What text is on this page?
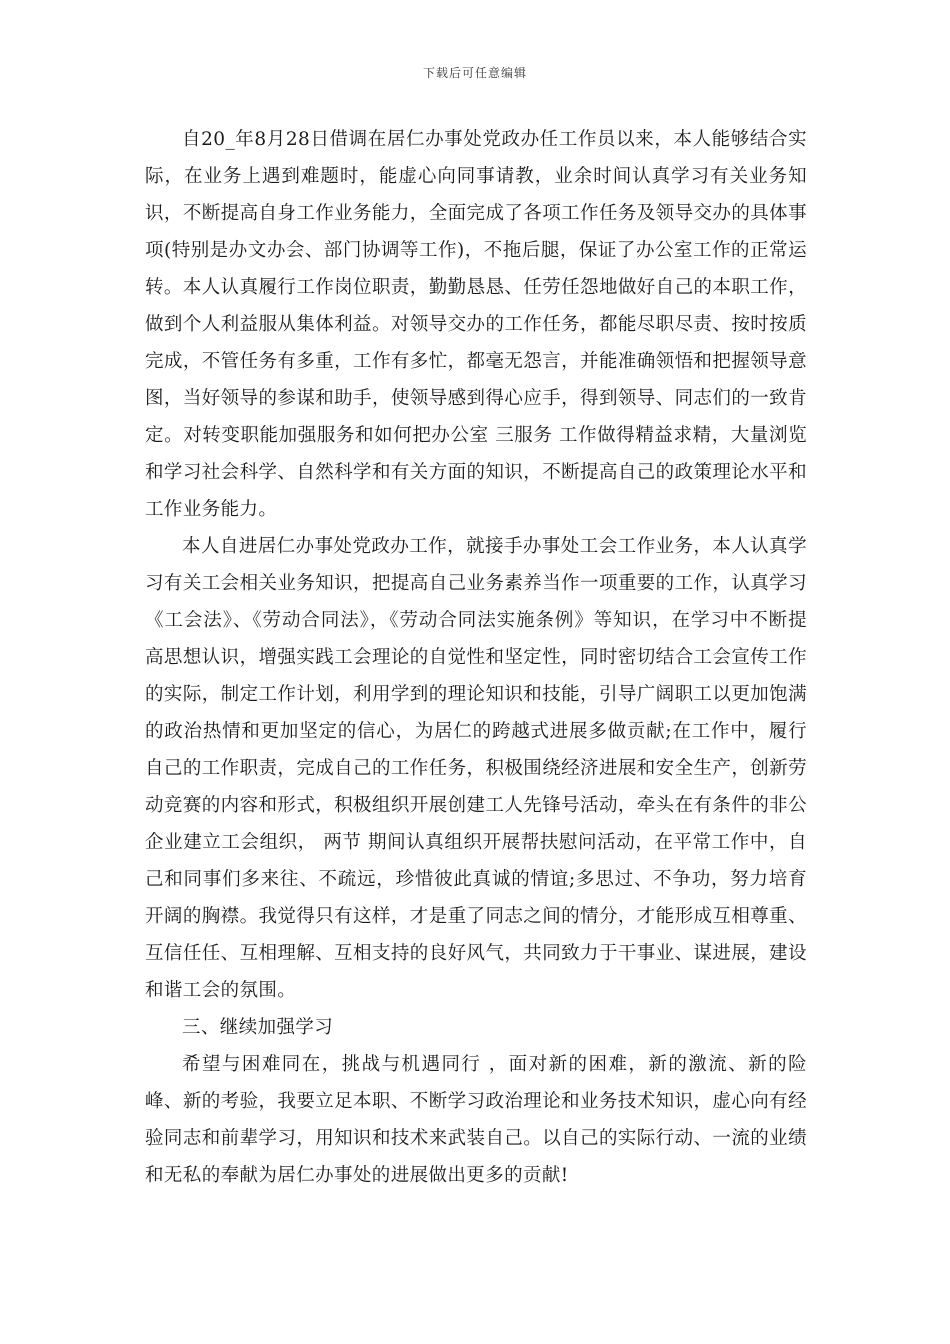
下载后可任意编辑

自20_年8月28日借调在居仁办事处党政办任工作员以来，本人能够结合实际，在业务上遇到难题时，能虚心向同事请教，业余时间认真学习有关业务知识，不断提高自身工作业务能力，全面完成了各项工作任务及领导交办的具体事项(特别是办文办会、部门协调等工作)，不拖后腿，保证了办公室工作的正常运转。本人认真履行工作岗位职责，勤勤恳恳、任劳任怨地做好自己的本职工作，做到个人利益服从集体利益。对领导交办的工作任务，都能尽职尽责、按时按质完成，不管任务有多重，工作有多忙，都毫无怨言，并能准确领悟和把握领导意图，当好领导的参谋和助手，使领导感到得心应手，得到领导、同志们的一致肯定。对转变职能加强服务和如何把办公室 三服务 工作做得精益求精，大量浏览和学习社会科学、自然科学和有关方面的知识，不断提高自己的政策理论水平和工作业务能力。

本人自进居仁办事处党政办工作，就接手办事处工会工作业务，本人认真学习有关工会相关业务知识，把提高自己业务素养当作一项重要的工作，认真学习《工会法》、《劳动合同法》，《劳动合同法实施条例》等知识，在学习中不断提高思想认识，增强实践工会理论的自觉性和坚定性，同时密切结合工会宣传工作的实际，制定工作计划，利用学到的理论知识和技能，引导广阔职工以更加饱满的政治热情和更加坚定的信心，为居仁的跨越式进展多做贡献;在工作中，履行自己的工作职责，完成自己的工作任务，积极围绕经济进展和安全生产，创新劳动竞赛的内容和形式，积极组织开展创建工人先锋号活动，牵头在有条件的非公企业建立工会组织， 两节 期间认真组织开展帮扶慰问活动，在平常工作中，自己和同事们多来往、不疏远，珍惜彼此真诚的情谊;多思过、不争功，努力培育开阔的胸襟。我觉得只有这样，才是重了同志之间的情分，才能形成互相尊重、互信任任、互相理解、互相支持的良好风气，共同致力于干事业、谋进展，建设和谐工会的氛围。

三、继续加强学习

希望与困难同在，挑战与机遇同行 ，面对新的困难，新的激流、新的险峰、新的考验，我要立足本职、不断学习政治理论和业务技术知识，虚心向有经验同志和前辈学习，用知识和技术来武装自己。以自己的实际行动、一流的业绩和无私的奉献为居仁办事处的进展做出更多的贡献!
